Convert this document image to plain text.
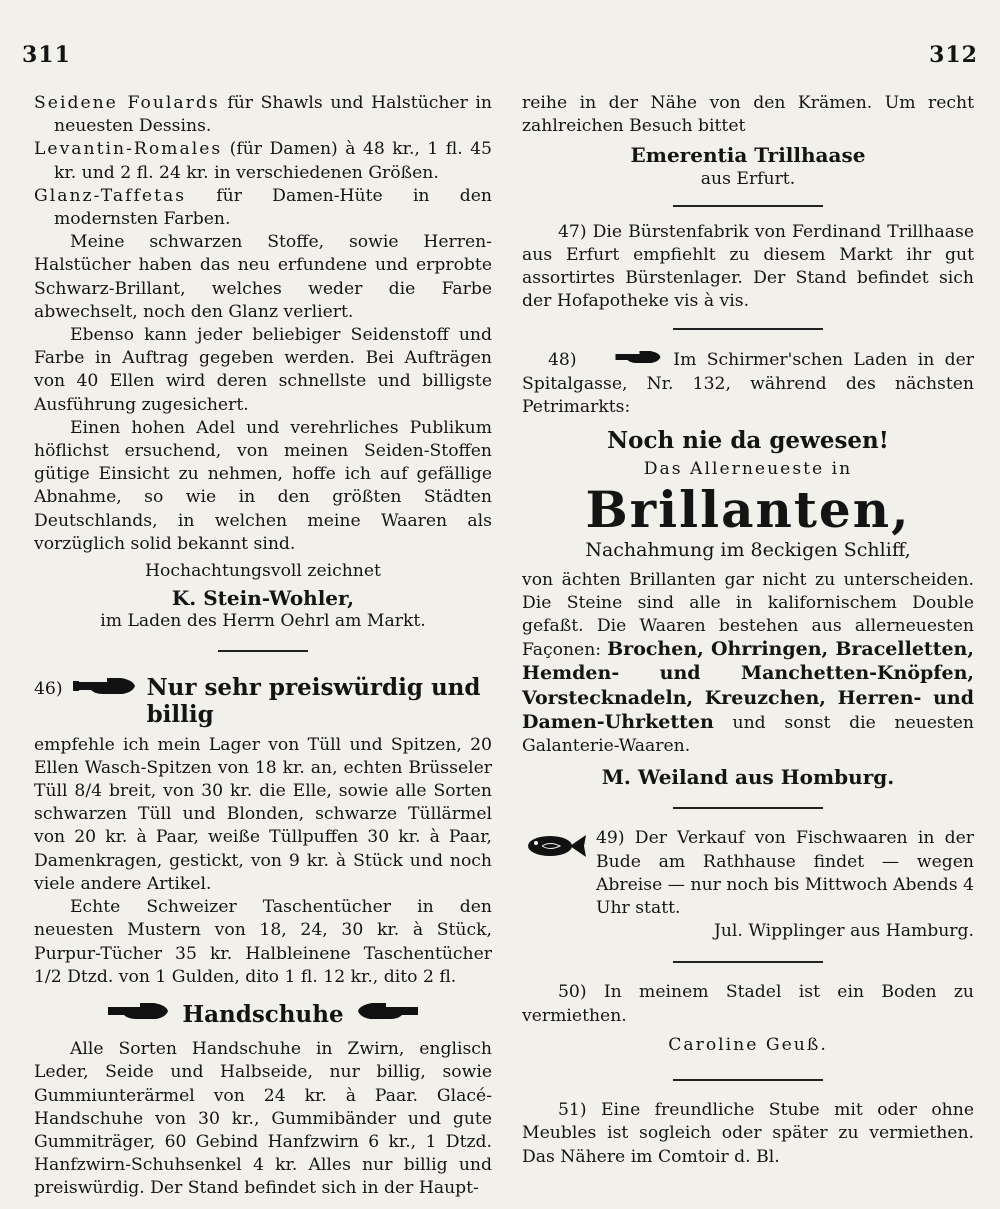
​
311	312

Seidene Foulards für Shawls und Halstücher in neuesten Dessins.

Levantin-Romales (für Damen) à 48 kr., 1 fl. 45 kr. und 2 fl. 24 kr. in verschiedenen Größen.

Glanz-Taffetas für Damen-Hüte in den modernsten Farben.

Meine schwarzen Stoffe, sowie Herren-Halstücher haben das neu erfundene und erprobte Schwarz-Brillant, welches weder die Farbe abwechselt, noch den Glanz verliert.

Ebenso kann jeder beliebiger Seidenstoff und Farbe in Auftrag gegeben werden. Bei Aufträgen von 40 Ellen wird deren schnellste und billigste Ausführung zugesichert.

Einen hohen Adel und verehrliches Publikum höflichst ersuchend, von meinen Seiden-Stoffen gütige Einsicht zu nehmen, hoffe ich auf gefällige Abnahme, so wie in den größten Städten Deutschlands, in welchen meine Waaren als vorzüglich solid bekannt sind.

Hochachtungsvoll zeichnet

K. Stein-Wohler,

im Laden des Herrn Oehrl am Markt.

46)	Nur sehr preiswürdig und billig

empfehle ich mein Lager von Tüll und Spitzen, 20 Ellen Wasch-Spitzen von 18 kr. an, echten Brüsseler Tüll 8/4 breit, von 30 kr. die Elle, sowie alle Sorten schwarzen Tüll und Blonden, schwarze Tüllärmel von 20 kr. à Paar, weiße Tüllpuffen 30 kr. à Paar, Damenkragen, gestickt, von 9 kr. à Stück und noch viele andere Artikel.

Echte Schweizer Taschentücher in den neuesten Mustern von 18, 24, 30 kr. à Stück, Purpur-Tücher 35 kr. Halbleinene Taschentücher 1/2 Dtzd. von 1 Gulden, dito 1 fl. 12 kr., dito 2 fl.

Handschuhe

Alle Sorten Handschuhe in Zwirn, englisch Leder, Seide und Halbseide, nur billig, sowie Gummiunterärmel von 24 kr. à Paar. Glacé-Handschuhe von 30 kr., Gummibänder und gute Gummiträger, 60 Gebind Hanfzwirn 6 kr., 1 Dtzd. Hanfzwirn-Schuhsenkel 4 kr. Alles nur billig und preiswürdig. Der Stand befindet sich in der Haupt-

reihe in der Nähe von den Krämen. Um recht zahlreichen Besuch bittet

Emerentia Trillhaase

aus Erfurt.

47) Die Bürstenfabrik von Ferdinand Trillhaase aus Erfurt empfiehlt zu diesem Markt ihr gut assortirtes Bürstenlager. Der Stand befindet sich der Hofapotheke vis à vis.

48)	Im Schirmer'schen Laden in der Spitalgasse, Nr. 132, während des nächsten Petrimarkts:

Noch nie da gewesen!

Das Allerneueste in

Brillanten,

Nachahmung im 8eckigen Schliff,

von ächten Brillanten gar nicht zu unterscheiden. Die Steine sind alle in kalifornischem Double gefaßt. Die Waaren bestehen aus allerneuesten Façonen: Brochen, Ohrringen, Bracelletten, Hemden- und Manchetten-Knöpfen, Vorstecknadeln, Kreuzchen, Herren- und Damen-Uhrketten und sonst die neuesten Galanterie-Waaren.

M. Weiland aus Homburg.

49) Der Verkauf von Fischwaaren in der Bude am Rathhause findet — wegen Abreise — nur noch bis Mittwoch Abends 4 Uhr statt.

Jul. Wipplinger aus Hamburg.

50) In meinem Stadel ist ein Boden zu vermiethen.

Caroline Geuß.

51) Eine freundliche Stube mit oder ohne Meubles ist sogleich oder später zu vermiethen. Das Nähere im Comtoir d. Bl.
